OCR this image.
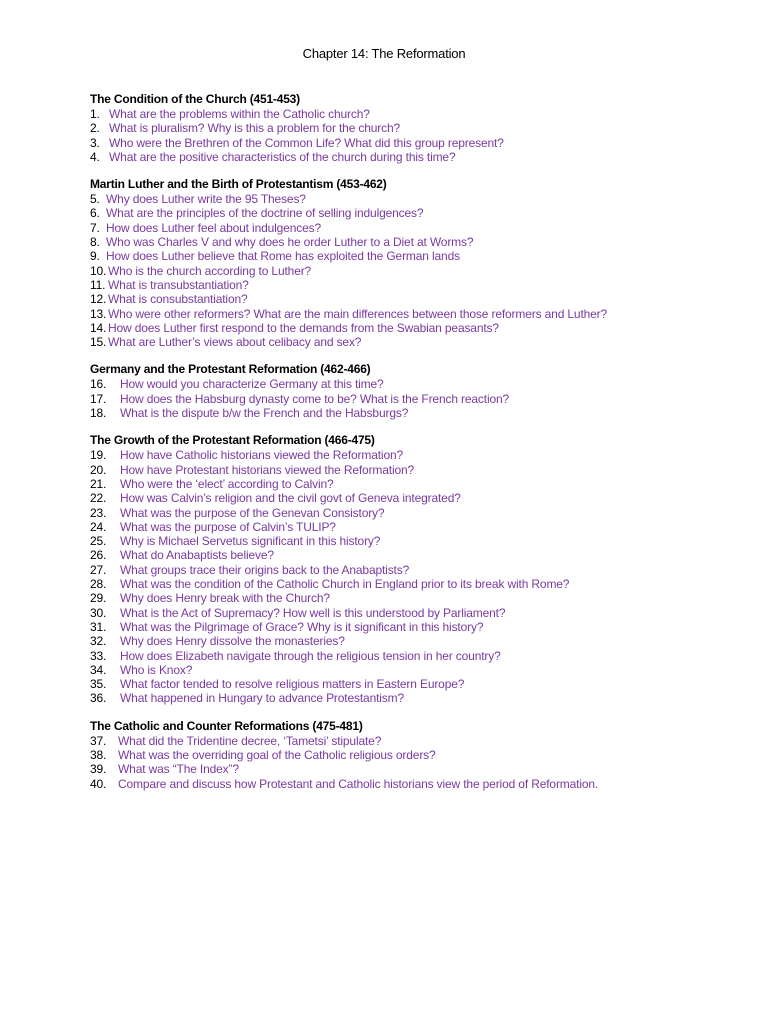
Chapter 14: The Reformation
The Condition of the Church (451-453)
1. What are the problems within the Catholic church?
2. What is pluralism? Why is this a problem for the church?
3. Who were the Brethren of the Common Life? What did this group represent?
4. What are the positive characteristics of the church during this time?
Martin Luther and the Birth of Protestantism (453-462)
5. Why does Luther write the 95 Theses?
6. What are the principles of the doctrine of selling indulgences?
7. How does Luther feel about indulgences?
8. Who was Charles V and why does he order Luther to a Diet at Worms?
9. How does Luther believe that Rome has exploited the German lands
10. Who is the church according to Luther?
11. What is transubstantiation?
12. What is consubstantiation?
13. Who were other reformers? What are the main differences between those reformers and Luther?
14. How does Luther first respond to the demands from the Swabian peasants?
15. What are Luther’s views about celibacy and sex?
Germany and the Protestant Reformation (462-466)
16. How would you characterize Germany at this time?
17. How does the Habsburg dynasty come to be? What is the French reaction?
18. What is the dispute b/w the French and the Habsburgs?
The Growth of the Protestant Reformation (466-475)
19. How have Catholic historians viewed the Reformation?
20. How have Protestant historians viewed the Reformation?
21. Who were the ‘elect’ according to Calvin?
22. How was Calvin’s religion and the civil govt of Geneva integrated?
23. What was the purpose of the Genevan Consistory?
24. What was the purpose of Calvin’s TULIP?
25. Why is Michael Servetus significant in this history?
26. What do Anabaptists believe?
27. What groups trace their origins back to the Anabaptists?
28. What was the condition of the Catholic Church in England prior to its break with Rome?
29. Why does Henry break with the Church?
30. What is the Act of Supremacy? How well is this understood by Parliament?
31. What was the Pilgrimage of Grace? Why is it significant in this history?
32. Why does Henry dissolve the monasteries?
33. How does Elizabeth navigate through the religious tension in her country?
34. Who is Knox?
35. What factor tended to resolve religious matters in Eastern Europe?
36. What happened in Hungary to advance Protestantism?
The Catholic and Counter Reformations (475-481)
37. What did the Tridentine decree, ‘Tametsi’ stipulate?
38. What was the overriding goal of the Catholic religious orders?
39. What was “The Index”?
40. Compare and discuss how Protestant and Catholic historians view the period of Reformation.
